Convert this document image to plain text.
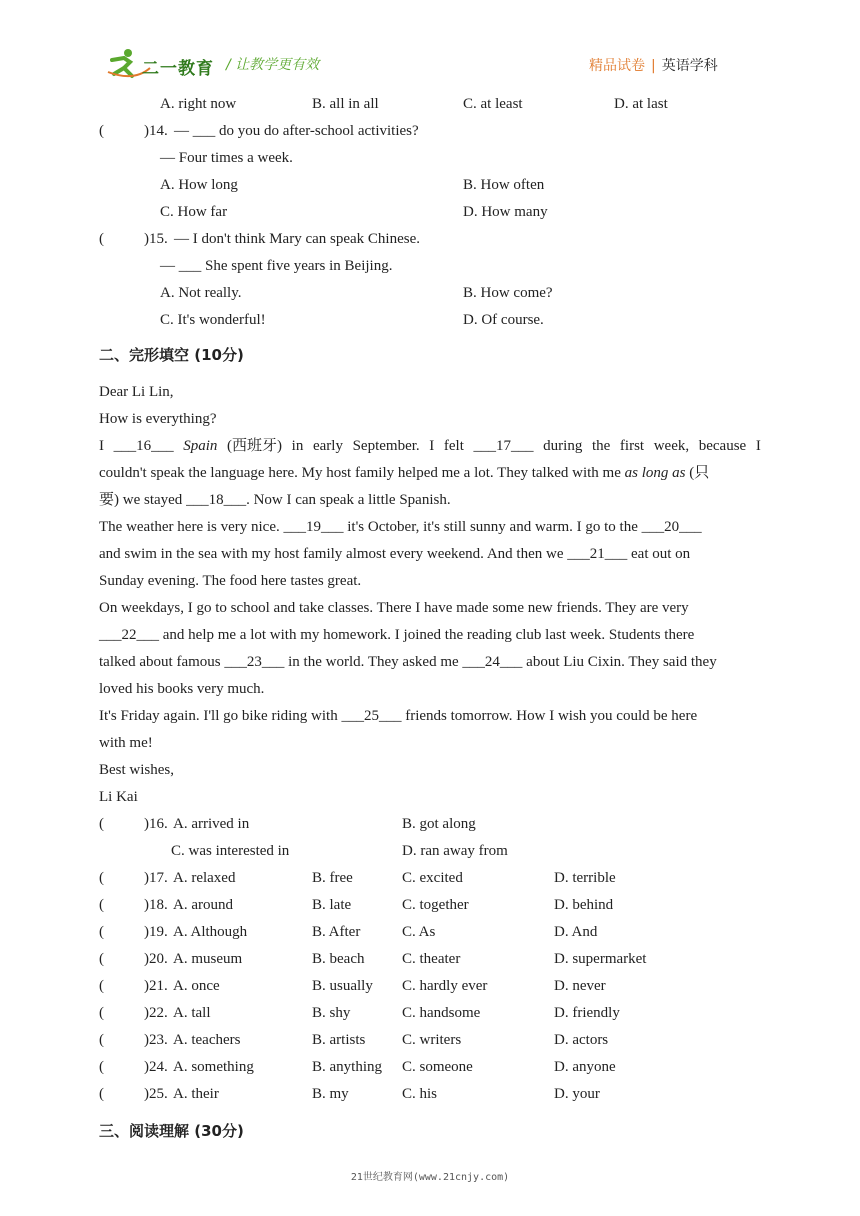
二一教育 / 让教学更有效	精品试卷 | 英语学科
A. right now	B. all in all	C. at least	D. at last
(	)14. — ___ do you do after-school activities?
— Four times a week.
A. How long	B. How often
C. How far	D. How many
(	)15. — I don't think Mary can speak Chinese.
— ___ She spent five years in Beijing.
A. Not really.	B. How come?
C. It's wonderful!	D. Of course.
二、完形填空 (10分)
Dear Li Lin,
How is everything?
I ___16___ Spain (西班牙) in early September. I felt ___17___ during the first week, because I
couldn't speak the language here. My host family helped me a lot. They talked with me as long as (只
要) we stayed ___18___. Now I can speak a little Spanish.
The weather here is very nice. ___19___ it's October, it's still sunny and warm. I go to the ___20___
and swim in the sea with my host family almost every weekend. And then we ___21___ eat out on
Sunday evening. The food here tastes great.
On weekdays, I go to school and take classes. There I have made some new friends. They are very
___22___ and help me a lot with my homework. I joined the reading club last week. Students there
talked about famous ___23___ in the world. They asked me ___24___ about Liu Cixin. They said they
loved his books very much.
It's Friday again. I'll go bike riding with ___25___ friends tomorrow. How I wish you could be here
with me!
Best wishes,
Li Kai
(	)16. A. arrived in	B. got along
C. was interested in	D. ran away from
(	)17. A. relaxed	B. free	C. excited	D. terrible
(	)18. A. around	B. late	C. together	D. behind
(	)19. A. Although	B. After	C. As	D. And
(	)20. A. museum	B. beach	C. theater	D. supermarket
(	)21. A. once	B. usually C. hardly ever	D. never
(	)22. A. tall	B. shy	C. handsome	D. friendly
(	)23. A. teachers	B. artists C. writers	D. actors
(	)24. A. something	B. anything C. someone	D. anyone
(	)25. A. their	B. my	C. his	D. your
三、阅读理解 (30分)
21世纪教育网(www.21cnjy.com)
